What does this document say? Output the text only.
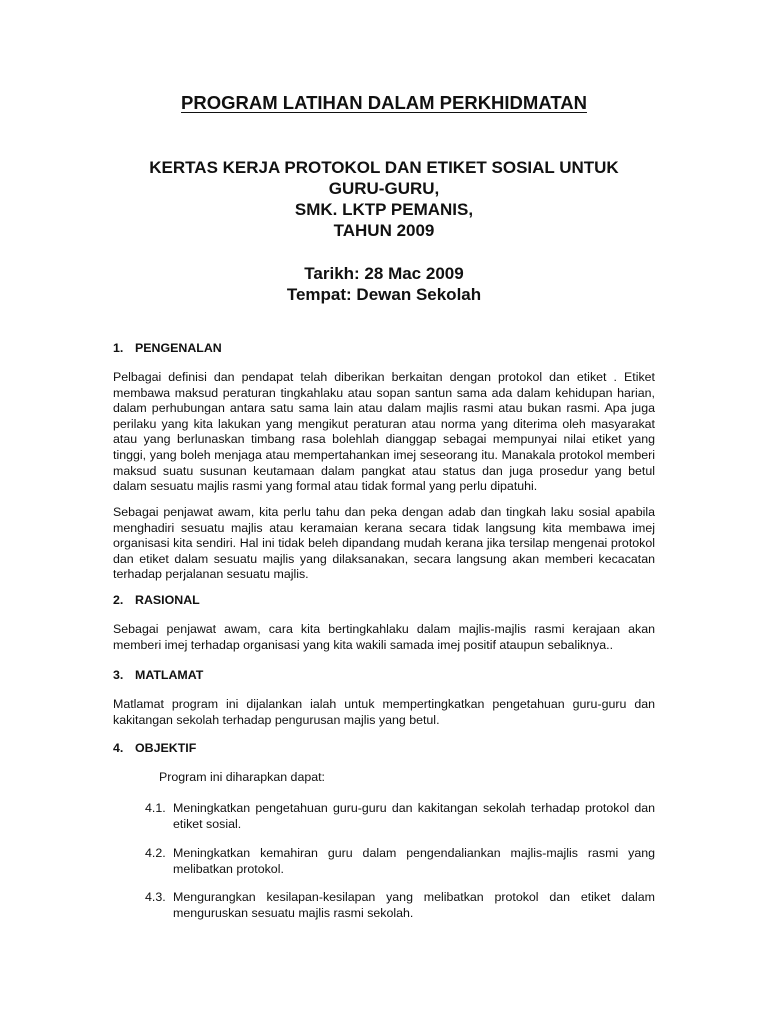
PROGRAM LATIHAN DALAM PERKHIDMATAN
KERTAS KERJA PROTOKOL DAN ETIKET SOSIAL UNTUK
GURU-GURU,
SMK. LKTP PEMANIS,
TAHUN 2009
Tarikh: 28 Mac 2009
Tempat: Dewan Sekolah

1. PENGENALAN

Pelbagai definisi dan pendapat telah diberikan berkaitan dengan protokol dan etiket . Etiket membawa maksud peraturan tingkahlaku atau sopan santun sama ada dalam kehidupan harian, dalam perhubungan antara satu sama lain atau dalam majlis rasmi atau bukan rasmi. Apa juga perilaku yang kita lakukan yang mengikut peraturan atau norma yang diterima oleh masyarakat atau yang berlunaskan timbang rasa bolehlah dianggap sebagai mempunyai nilai etiket yang tinggi, yang boleh menjaga atau mempertahankan imej seseorang itu. Manakala protokol memberi maksud suatu susunan keutamaan dalam pangkat atau status dan juga prosedur yang betul dalam sesuatu majlis rasmi yang formal atau tidak formal yang perlu dipatuhi.

Sebagai penjawat awam, kita perlu tahu dan peka dengan adab dan tingkah laku sosial apabila menghadiri sesuatu majlis atau keramaian kerana secara tidak langsung kita membawa imej organisasi kita sendiri. Hal ini tidak beleh dipandang mudah kerana jika tersilap mengenai protokol dan etiket dalam sesuatu majlis yang dilaksanakan, secara langsung akan memberi kecacatan terhadap perjalanan sesuatu majlis.

2. RASIONAL

Sebagai penjawat awam, cara kita bertingkahlaku dalam majlis-majlis rasmi kerajaan akan memberi imej terhadap organisasi yang kita wakili samada imej positif ataupun sebaliknya..

3. MATLAMAT

Matlamat program ini dijalankan ialah untuk mempertingkatkan pengetahuan guru-guru dan kakitangan sekolah terhadap pengurusan majlis yang betul.

4. OBJEKTIF

Program ini diharapkan dapat:

4.1. Meningkatkan pengetahuan guru-guru dan kakitangan sekolah terhadap protokol dan etiket sosial.
4.2. Meningkatkan kemahiran guru dalam pengendaliankan majlis-majlis rasmi yang melibatkan protokol.
4.3. Mengurangkan kesilapan-kesilapan yang melibatkan protokol dan etiket dalam menguruskan sesuatu majlis rasmi sekolah.
